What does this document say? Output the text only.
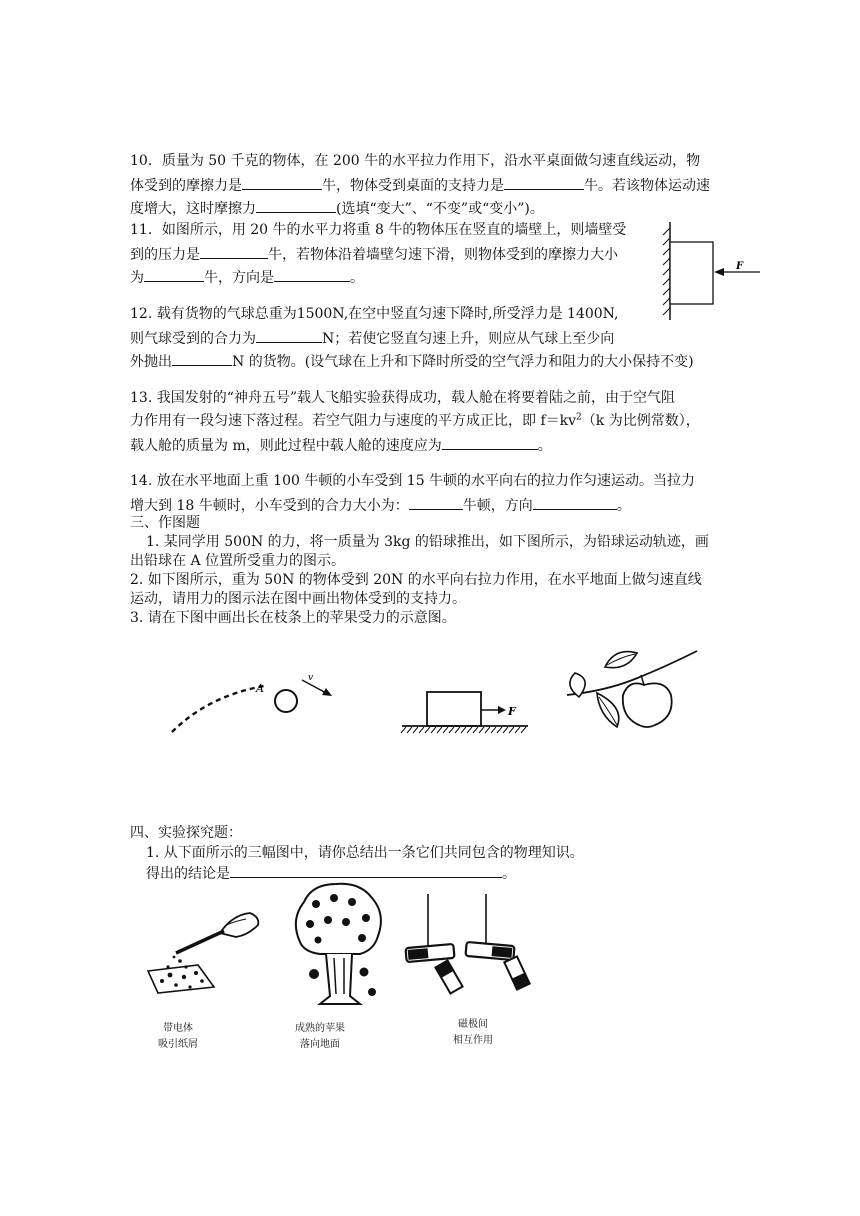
10．质量为 50 千克的物体，在 200 牛的水平拉力作用下，沿水平桌面做匀速直线运动，物
体受到的摩擦力是	牛，物体受到桌面的支持力是	牛。若该物体运动速
度增大，这时摩擦力	(选填“变大”、“不变”或“变小”)。
11．如图所示，用 20 牛的水平力将重 8 牛的物体压在竖直的墙壁上，则墙壁受
到的压力是	牛，若物体沿着墙壁匀速下滑，则物体受到的摩擦力大小
为	牛，方向是	。
F
12. 载有货物的气球总重为1500N,在空中竖直匀速下降时,所受浮力是 1400N,
则气球受到的合力为	N；若使它竖直匀速上升，则应从气球上至少向
外抛出	N 的货物。(设气球在上升和下降时所受的空气浮力和阻力的大小保持不变)
13. 我国发射的“神舟五号”载人飞船实验获得成功，载人舱在将要着陆之前，由于空气阻
力作用有一段匀速下落过程。若空气阻力与速度的平方成正比，即 $f=kv^2(k$ 为比例常数），
载人舱的质量为 m，则此过程中载人舱的速度应为	。
14. 放在水平地面上重 100 牛顿的小车受到 15 牛顿的水平向右的拉力作匀速运动。当拉力
增大到 18 牛顿时，小车受到的合力大小为：	牛顿，方向	。
三、作图题
1. 某同学用 500N 的力，将一质量为 3kg 的铅球推出，如下图所示，为铅球运动轨迹，画
出铅球在 A 位置所受重力的图示。
2. 如下图所示，重为 50N 的物体受到 20N 的水平向右拉力作用，在水平地面上做匀速直线
运动，请用力的图示法在图中画出物体受到的支持力。
3. 请在下图中画出长在枝条上的苹果受力的示意图。
A
v
F
四、实验探究题：
1. 从下面所示的三幅图中，请你总结出一条它们共同包含的物理知识。
得出的结论是	。
带电体
吸引纸屑
成熟的苹果
落向地面
磁极间
相互作用
